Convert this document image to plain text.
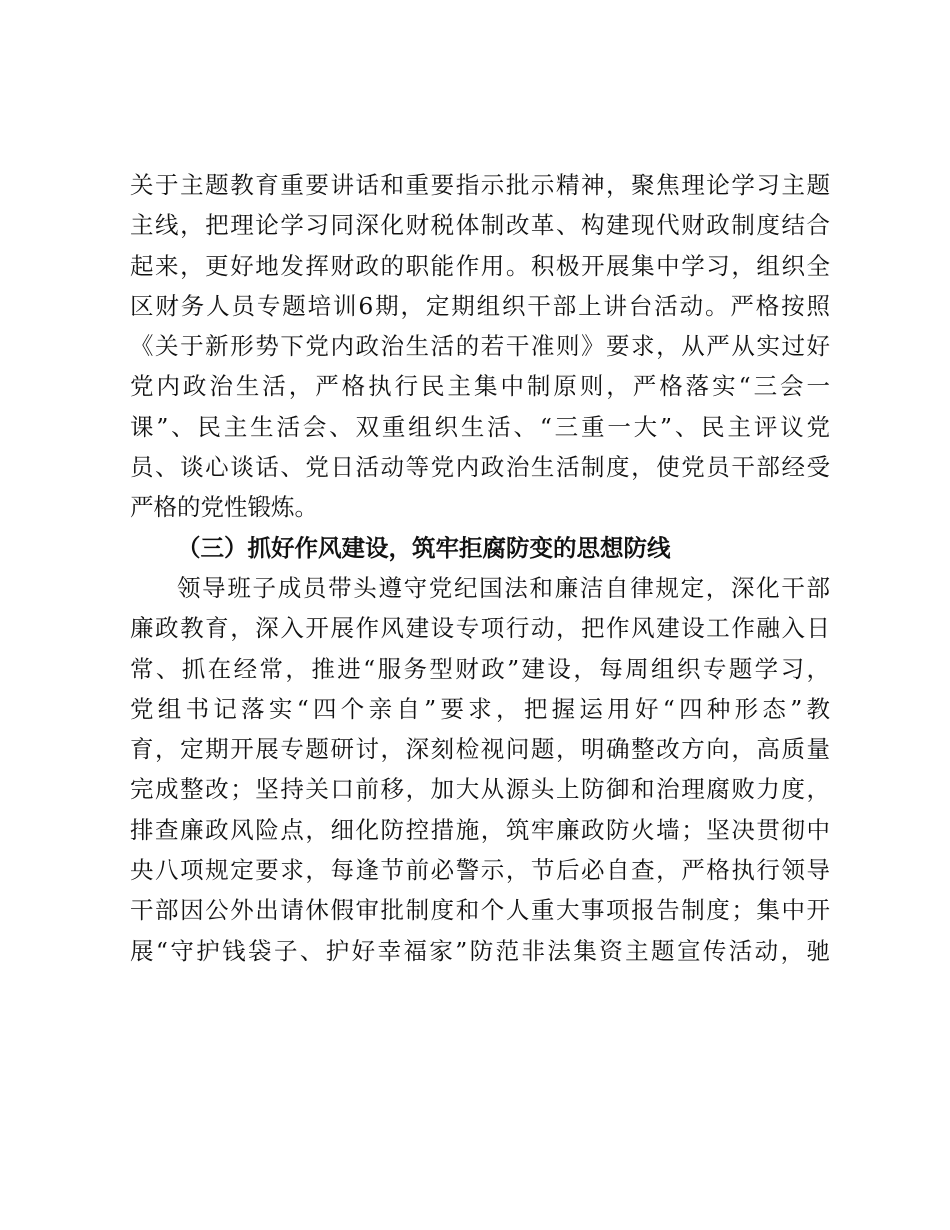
关于主题教育重要讲话和重要指示批示精神，聚焦理论学习主题
主线，把理论学习同深化财税体制改革、构建现代财政制度结合
起来，更好地发挥财政的职能作用。积极开展集中学习，组织全
区财务人员专题培训6期，定期组织干部上讲台活动。严格按照
《关于新形势下党内政治生活的若干准则》要求，从严从实过好
党内政治生活，严格执行民主集中制原则，严格落实“三会一
课”、民主生活会、双重组织生活、“三重一大”、民主评议党
员、谈心谈话、党日活动等党内政治生活制度，使党员干部经受
严格的党性锻炼。
（三）抓好作风建设，筑牢拒腐防变的思想防线
领导班子成员带头遵守党纪国法和廉洁自律规定，深化干部
廉政教育，深入开展作风建设专项行动，把作风建设工作融入日
常、抓在经常，推进“服务型财政”建设，每周组织专题学习，
党组书记落实“四个亲自”要求，把握运用好“四种形态”教
育，定期开展专题研讨，深刻检视问题，明确整改方向，高质量
完成整改；坚持关口前移，加大从源头上防御和治理腐败力度，
排查廉政风险点，细化防控措施，筑牢廉政防火墙；坚决贯彻中
央八项规定要求，每逢节前必警示，节后必自查，严格执行领导
干部因公外出请休假审批制度和个人重大事项报告制度；集中开
展“守护钱袋子、护好幸福家”防范非法集资主题宣传活动，驰
